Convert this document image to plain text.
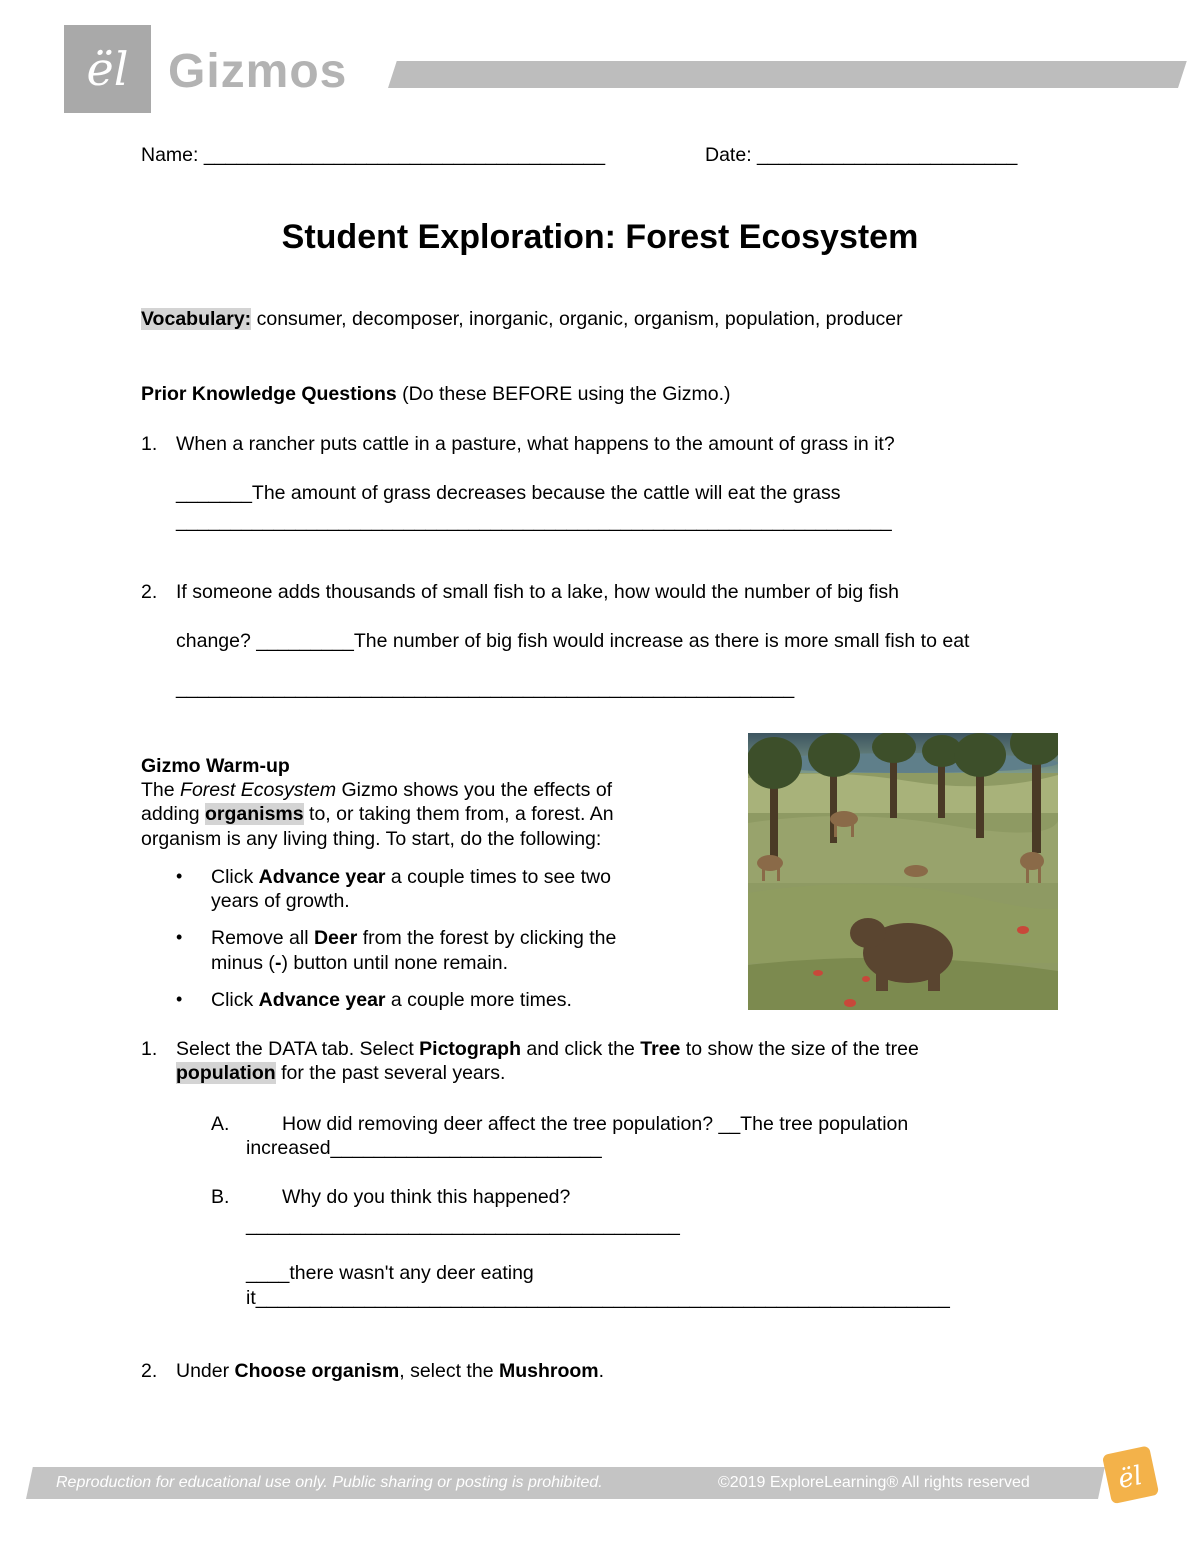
ël Gizmos
Name: _____________________________________	Date: ________________________
Student Exploration: Forest Ecosystem
Vocabulary: consumer, decomposer, inorganic, organic, organism, population, producer
Prior Knowledge Questions (Do these BEFORE using the Gizmo.)
1. When a rancher puts cattle in a pasture, what happens to the amount of grass in it?
_______The amount of grass decreases because the cattle will eat the grass
__________________________________________________________________
2. If someone adds thousands of small fish to a lake, how would the number of big fish
change? _________The number of big fish would increase as there is more small fish to eat
_________________________________________________________
Gizmo Warm-up
The Forest Ecosystem Gizmo shows you the effects of
adding organisms to, or taking them from, a forest. An
organism is any living thing. To start, do the following:
• Click Advance year a couple times to see two
years of growth.
• Remove all Deer from the forest by clicking the
minus (-) button until none remain.
• Click Advance year a couple more times.
1. Select the DATA tab. Select Pictograph and click the Tree to show the size of the tree
population for the past several years.
A.	How did removing deer affect the tree population? __The tree population
increased_________________________
B.	Why do you think this happened?
________________________________________
____there wasn't any deer eating
it________________________________________________________________
2. Under Choose organism, select the Mushroom.
Reproduction for educational use only. Public sharing or posting is prohibited.	©2019 ExploreLearning® All rights reserved	ël
